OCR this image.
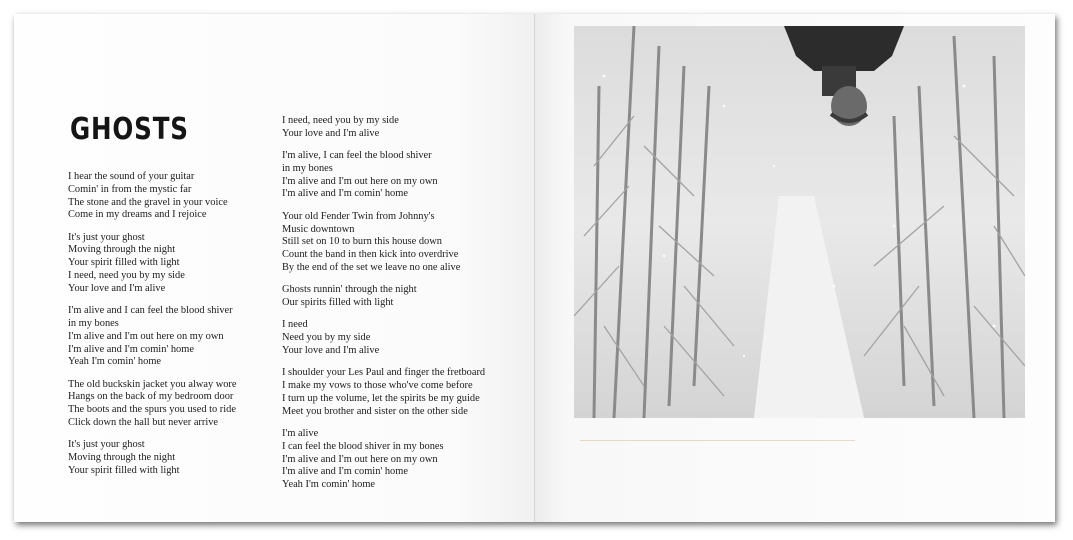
GHOSTS
I hear the sound of your guitar
Comin' in from the mystic far
The stone and the gravel in your voice
Come in my dreams and I rejoice
It's just your ghost
Moving through the night
Your spirit filled with light
I need, need you by my side
Your love and I'm alive
I'm alive and I can feel the blood shiver
in my bones
I'm alive and I'm out here on my own
I'm alive and I'm comin' home
Yeah I'm comin' home
The old buckskin jacket you alway wore
Hangs on the back of my bedroom door
The boots and the spurs you used to ride
Click down the hall but never arrive
It's just your ghost
Moving through the night
Your spirit filled with light
I need, need you by my side
Your love and I'm alive
I'm alive, I can feel the blood shiver
in my bones
I'm alive and I'm out here on my own
I'm alive and I'm comin' home
Your old Fender Twin from Johnny's
Music downtown
Still set on 10 to burn this house down
Count the band in then kick into overdrive
By the end of the set we leave no one alive
Ghosts runnin' through the night
Our spirits filled with light
I need
Need you by my side
Your love and I'm alive
I shoulder your Les Paul and finger the fretboard
I make my vows to those who've come before
I turn up the volume, let the spirits be my guide
Meet you brother and sister on the other side
I'm alive
I can feel the blood shiver in my bones
I'm alive and I'm out here on my own
I'm alive and I'm comin' home
Yeah I'm comin' home
